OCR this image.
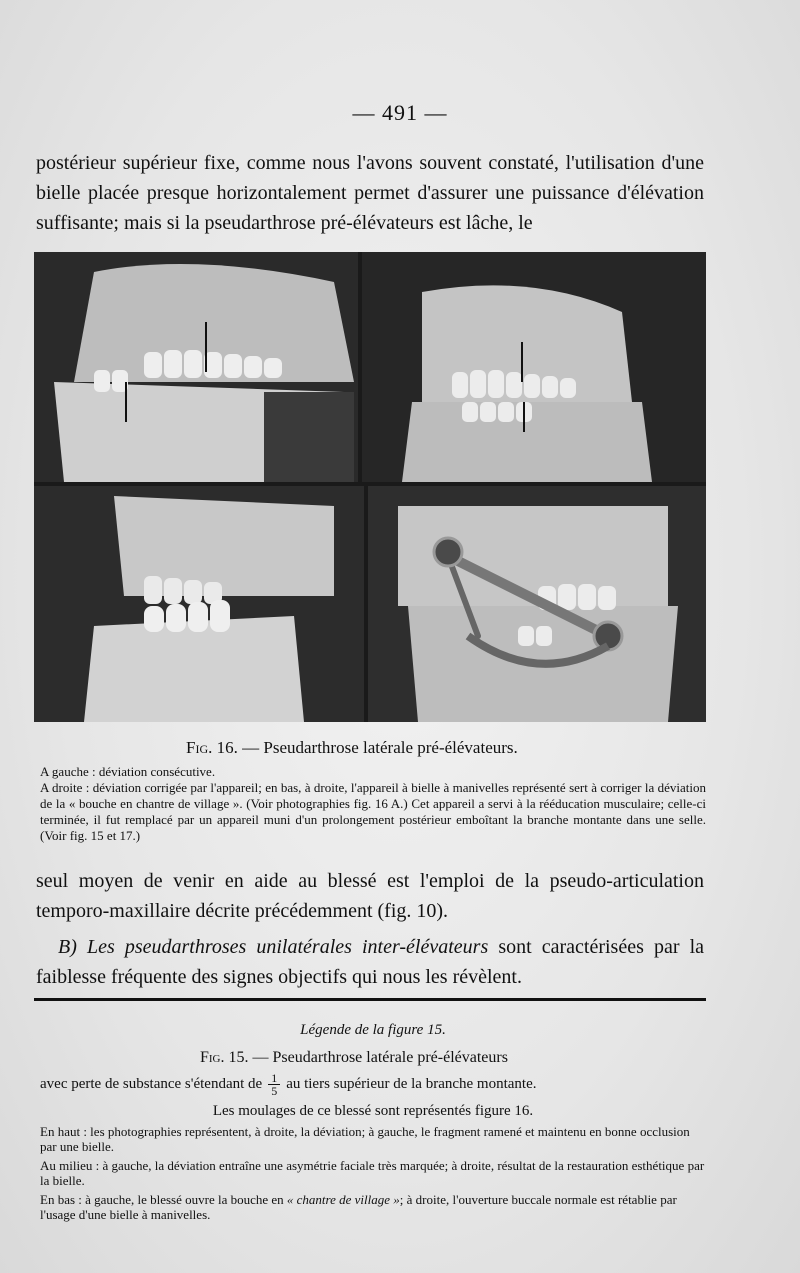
— 491 —

postérieur supérieur fixe, comme nous l'avons souvent constaté, l'utilisation d'une bielle placée presque horizontalement permet d'assurer une puissance d'élévation suffisante; mais si la pseudarthrose pré-élévateurs est lâche, le

Fig. 16. — Pseudarthrose latérale pré-élévateurs.

A gauche : déviation consécutive.

A droite : déviation corrigée par l'appareil; en bas, à droite, l'appareil à bielle à manivelles représenté sert à corriger la déviation de la « bouche en chantre de village ». (Voir photographies fig. 16 A.) Cet appareil a servi à la rééducation musculaire; celle-ci terminée, il fut remplacé par un appareil muni d'un prolongement postérieur emboîtant la branche montante dans une selle. (Voir fig. 15 et 17.)

seul moyen de venir en aide au blessé est l'emploi de la pseudo-articulation temporo-maxillaire décrite précédemment (fig. 10).

B) Les pseudarthroses unilatérales inter-élévateurs sont caractérisées par la faiblesse fréquente des signes objectifs qui nous les révèlent.

Légende de la figure 15.

Fig. 15. — Pseudarthrose latérale pré-élévateurs

avec perte de substance s'étendant de $\frac{1}{5}$ au tiers supérieur de la branche montante.

Les moulages de ce blessé sont représentés figure 16.

En haut : les photographies représentent, à droite, la déviation; à gauche, le fragment ramené et maintenu en bonne occlusion par une bielle.

Au milieu : à gauche, la déviation entraîne une asymétrie faciale très marquée; à droite, résultat de la restauration esthétique par la bielle.

En bas : à gauche, le blessé ouvre la bouche en « chantre de village »; à droite, l'ouverture buccale normale est rétablie par l'usage d'une bielle à manivelles.
